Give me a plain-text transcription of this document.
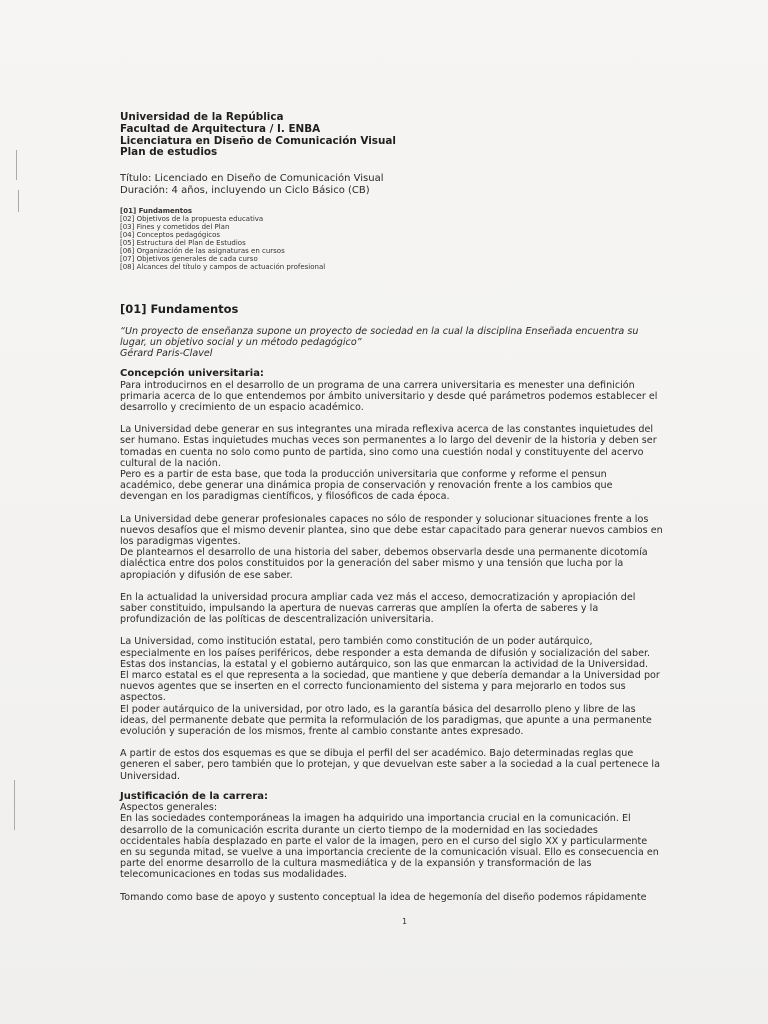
Universidad de la República
Facultad de Arquitectura / I. ENBA
Licenciatura en Diseño de Comunicación Visual
Plan de estudios
Título: Licenciado en Diseño de Comunicación Visual
Duración: 4 años, incluyendo un Ciclo Básico (CB)
[01] Fundamentos
[02] Objetivos de la propuesta educativa
[03] Fines y cometidos del Plan
[04] Conceptos pedagógicos
[05] Estructura del Plan de Estudios
[06] Organización de las asignaturas en cursos
[07] Objetivos generales de cada curso
[08] Alcances del título y campos de actuación profesional
[01] Fundamentos
“Un proyecto de enseñanza supone un proyecto de sociedad en la cual la disciplina Enseñada encuentra su
lugar, un objetivo social y un método pedagógico”
Gérard Paris-Clavel
Concepción universitaria:
Para introducirnos en el desarrollo de un programa de una carrera universitaria es menester una definición
primaria acerca de lo que entendemos por ámbito universitario y desde qué parámetros podemos establecer el
desarrollo y crecimiento de un espacio académico.
La Universidad debe generar en sus integrantes una mirada reflexiva acerca de las constantes inquietudes del
ser humano. Estas inquietudes muchas veces son permanentes a lo largo del devenir de la historia y deben ser
tomadas en cuenta no solo como punto de partida, sino como una cuestión nodal y constituyente del acervo
cultural de la nación.
Pero es a partir de esta base, que toda la producción universitaria que conforme y reforme el pensun
académico, debe generar una dinámica propia de conservación y renovación frente a los cambios que
devengan en los paradigmas científicos, y filosóficos de cada época.
La Universidad debe generar profesionales capaces no sólo de responder y solucionar situaciones frente a los
nuevos desafíos que el mismo devenir plantea, sino que debe estar capacitado para generar nuevos cambios en
los paradigmas vigentes.
De plantearnos el desarrollo de una historia del saber, debemos observarla desde una permanente dicotomía
dialéctica entre dos polos constituidos por la generación del saber mismo y una tensión que lucha por la
apropiación y difusión de ese saber.
En la actualidad la universidad procura ampliar cada vez más el acceso, democratización y apropiación del
saber constituido, impulsando la apertura de nuevas carreras que amplíen la oferta de saberes y la
profundización de las políticas de descentralización universitaria.
La Universidad, como institución estatal, pero también como constitución de un poder autárquico,
especialmente en los países periféricos, debe responder a esta demanda de difusión y socialización del saber.
Estas dos instancias, la estatal y el gobierno autárquico, son las que enmarcan la actividad de la Universidad.
El marco estatal es el que representa a la sociedad, que mantiene y que debería demandar a la Universidad por
nuevos agentes que se inserten en el correcto funcionamiento del sistema y para mejorarlo en todos sus
aspectos.
El poder autárquico de la universidad, por otro lado, es la garantía básica del desarrollo pleno y libre de las
ideas, del permanente debate que permita la reformulación de los paradigmas, que apunte a una permanente
evolución y superación de los mismos, frente al cambio constante antes expresado.
A partir de estos dos esquemas es que se dibuja el perfil del ser académico. Bajo determinadas reglas que
generen el saber, pero también que lo protejan, y que devuelvan este saber a la sociedad a la cual pertenece la
Universidad.
Justificación de la carrera:
Aspectos generales:
En las sociedades contemporáneas la imagen ha adquirido una importancia crucial en la comunicación. El
desarrollo de la comunicación escrita durante un cierto tiempo de la modernidad en las sociedades
occidentales había desplazado en parte el valor de la imagen, pero en el curso del siglo XX y particularmente
en su segunda mitad, se vuelve a una importancia creciente de la comunicación visual. Ello es consecuencia en
parte del enorme desarrollo de la cultura masmediática y de la expansión y transformación de las
telecomunicaciones en todas sus modalidades.
Tomando como base de apoyo y sustento conceptual la idea de hegemonía del diseño podemos rápidamente
1
